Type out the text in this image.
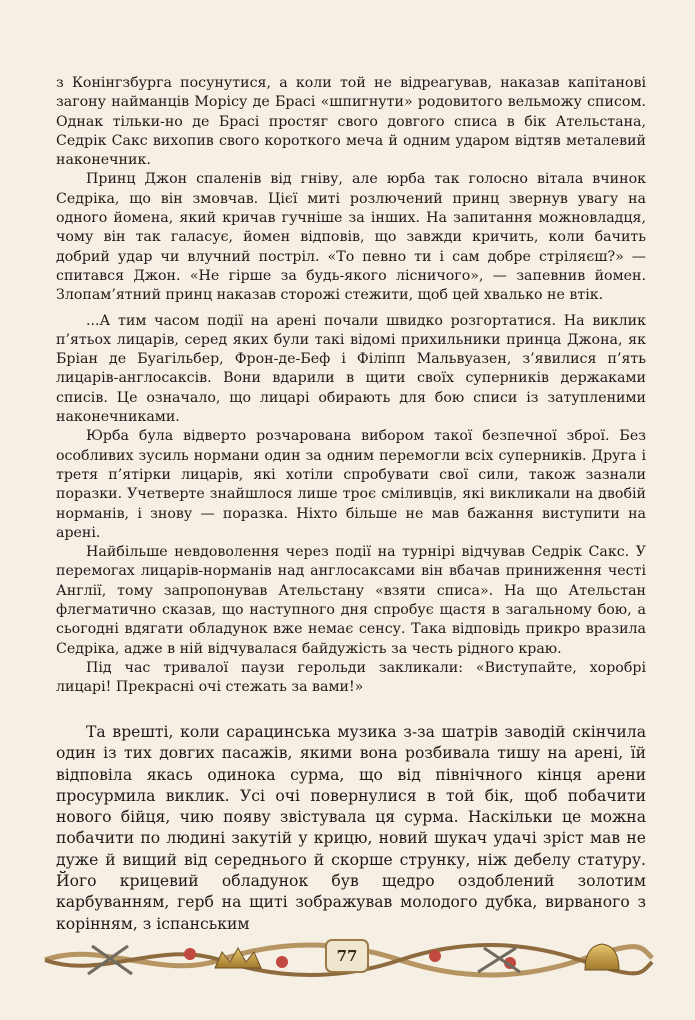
з Конінгзбурга посунутися, а коли той не відреагував, наказав капітанові загону найманців Морісу де Брасі «шпигнути» родовитого вельможу списом. Однак тільки-но де Брасі простяг свого довгого списа в бік Ательстана, Седрік Сакс вихопив свого короткого меча й одним ударом відтяв металевий наконечник.

Принц Джон спаленів від гніву, але юрба так голосно вітала вчинок Седріка, що він змовчав. Цієї миті розлючений принц звернув увагу на одного йомена, який кричав гучніше за інших. На запитання можновладця, чому він так галасує, йомен відповів, що завжди кричить, коли бачить добрий удар чи влучний постріл. «То певно ти і сам добре стріляєш?» — спитався Джон. «Не гірше за будь-якого лісничого», — запевнив йомен. Злопам’ятний принц наказав сторожі стежити, щоб цей хвалько не втік.

...А тим часом події на арені почали швидко розгортатися. На виклик п’ятьох лицарів, серед яких були такі відомі прихильники принца Джона, як Бріан де Буагільбер, Фрон-де-Беф і Філіпп Мальвуазен, з’явилися п’ять лицарів-англосаксів. Вони вдарили в щити своїх суперників держаками списів. Це означало, що лицарі обирають для бою списи із затупленими наконечниками.

Юрба була відверто розчарована вибором такої безпечної зброї. Без особливих зусиль нормани один за одним перемогли всіх суперників. Друга і третя п’ятірки лицарів, які хотіли спробувати свої сили, також зазнали поразки. Учетверте знайшлося лише троє сміливців, які викликали на двобій норманів, і знову — поразка. Ніхто більше не мав бажання виступити на арені.

Найбільше невдоволення через події на турнірі відчував Седрік Сакс. У перемогах лицарів-норманів над англосаксами він вбачав приниження честі Англії, тому запропонував Ательстану «взяти списа». На що Ательстан флегматично сказав, що наступного дня спробує щастя в загальному бою, а сьогодні вдягати обладунок вже немає сенсу. Така відповідь прикро вразила Седріка, адже в ній відчувалася байдужість за честь рідного краю.

Під час тривалої паузи герольди закликали: «Виступайте, хоробрі лицарі! Прекрасні очі стежать за вами!»

Та врешті, коли сарацинська музика з-за шатрів заводій скінчила один із тих довгих пасажів, якими вона розбивала тишу на арені, їй відповіла якась одинока сурма, що від північного кінця арени просурмила виклик. Усі очі повернулися в той бік, щоб побачити нового бійця, чию появу звістувала ця сурма. Наскільки це можна побачити по людині закутій у крицю, новий шукач удачі зріст мав не дуже й вищий від середнього й скорше струнку, ніж дебелу статуру. Його крицевий обладунок був щедро оздоблений золотим карбуванням, герб на щиті зображував молодого дубка, вирваного з корінням, з іспанським

77
